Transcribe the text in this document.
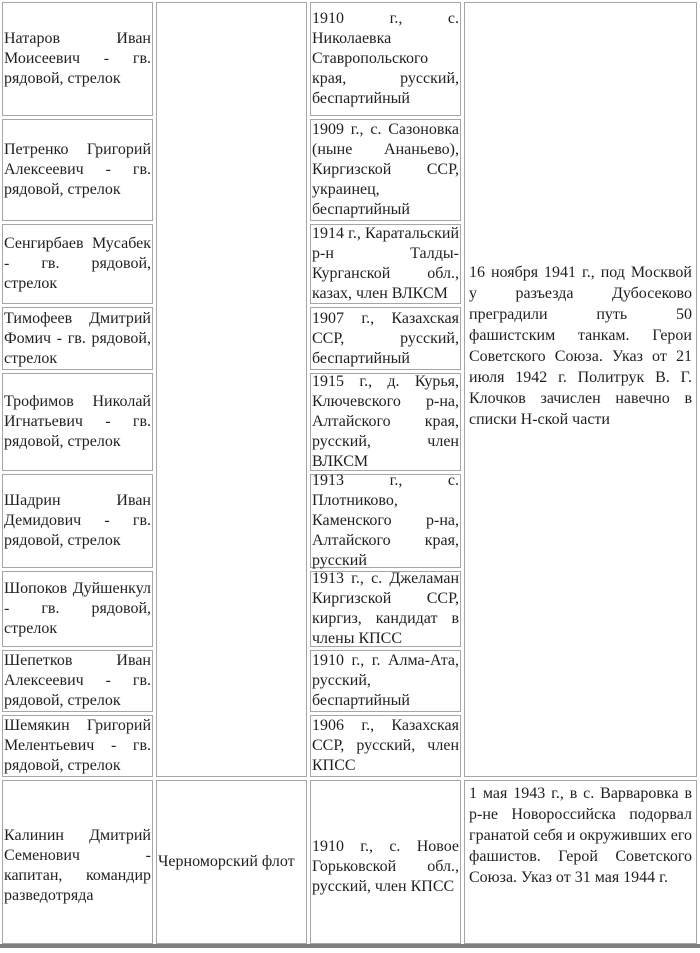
Натаров Иван Моисеевич - гв. рядовой, стрелок
Петренко Григорий Алексеевич - гв. рядовой, стрелок
Сенгирбаев Мусабек - гв. рядовой, стрелок
Тимофеев Дмитрий Фомич - гв. рядовой, стрелок
Трофимов Николай Игнатьевич - гв. рядовой, стрелок
Шадрин Иван Демидович - гв. рядовой, стрелок
Шопоков Дуйшенкул - гв. рядовой, стрелок
Шепетков Иван Алексеевич - гв. рядовой, стрелок
Шемякин Григорий Мелентьевич - гв. рядовой, стрелок
1910 г., с. Николаевка Ставропольского края, русский, беспартийный
1909 г., с. Сазоновка (ныне Ананьево), Киргизской ССР, украинец, беспартийный
1914 г., Каратальский р-н Талды-Курганской обл., казах, член ВЛКСМ
1907 г., Казахская ССР, русский, беспартийный
1915 г., д. Курья, Ключевского р-на, Алтайского края, русский, член ВЛКСМ
1913 г., с. Плотниково, Каменского р-на, Алтайского края, русский
1913 г., с. Джеламан Киргизской ССР, киргиз, кандидат в члены КПСС
1910 г., г. Алма-Ата, русский, беспартийный
1906 г., Казахская ССР, русский, член КПСС
16 ноября 1941 г., под Москвой у разъезда Дубосеково преградили путь 50 фашистским танкам. Герои Советского Союза. Указ от 21 июля 1942 г. Политрук В. Г. Клочков зачислен навечно в списки Н-ской части
Калинин Дмитрий Семенович - капитан, командир разведотряда
Черноморский флот
1910 г., с. Новое Горьковской обл., русский, член КПСС
1 мая 1943 г., в с. Варваровка в р-не Новороссийска подорвал гранатой себя и окруживших его фашистов. Герой Советского Союза. Указ от 31 мая 1944 г.
